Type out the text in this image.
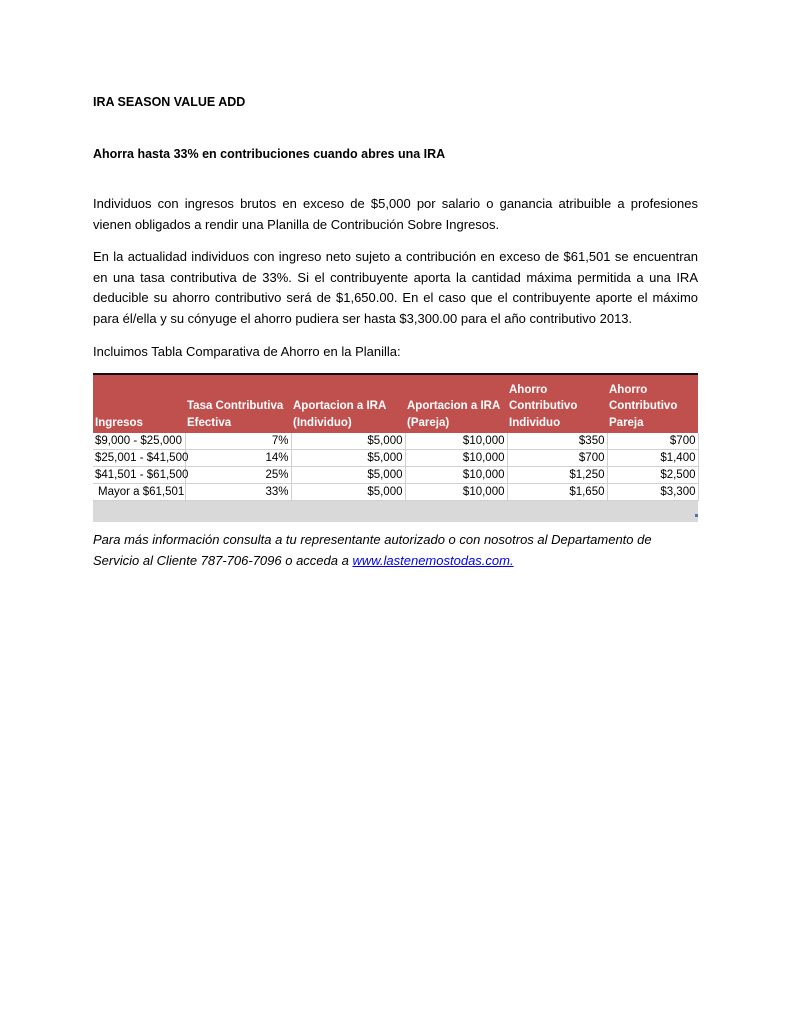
IRA SEASON VALUE ADD
Ahorra hasta 33% en contribuciones cuando abres una IRA

Individuos con ingresos brutos en exceso de $5,000 por salario o ganancia atribuible a profesiones vienen obligados a rendir una Planilla de Contribución Sobre Ingresos.

En la actualidad individuos con ingreso neto sujeto a contribución en exceso de $61,501 se encuentran en una tasa contributiva de 33%. Si el contribuyente aporta la cantidad máxima permitida a una IRA deducible su ahorro contributivo será de $1,650.00. En el caso que el contribuyente aporte el máximo para él/ella y su cónyuge el ahorro pudiera ser hasta $3,300.00 para el año contributivo 2013.

Incluimos Tabla Comparativa de Ahorro en la Planilla:

Ingresos	Tasa Contributiva Efectiva	Aportacion a IRA (Individuo)	Aportacion a IRA (Pareja)	Ahorro Contributivo Individuo	Ahorro Contributivo Pareja
$9,000 - $25,000	7%	$5,000	$10,000	$350	$700
$25,001 - $41,500	14%	$5,000	$10,000	$700	$1,400
$41,501 - $61,500	25%	$5,000	$10,000	$1,250	$2,500
Mayor a $61,501	33%	$5,000	$10,000	$1,650	$3,300

Para más información consulta a tu representante autorizado o con nosotros al Departamento de
Servicio al Cliente 787-706-7096 o acceda a www.lastenemostodas.com.
